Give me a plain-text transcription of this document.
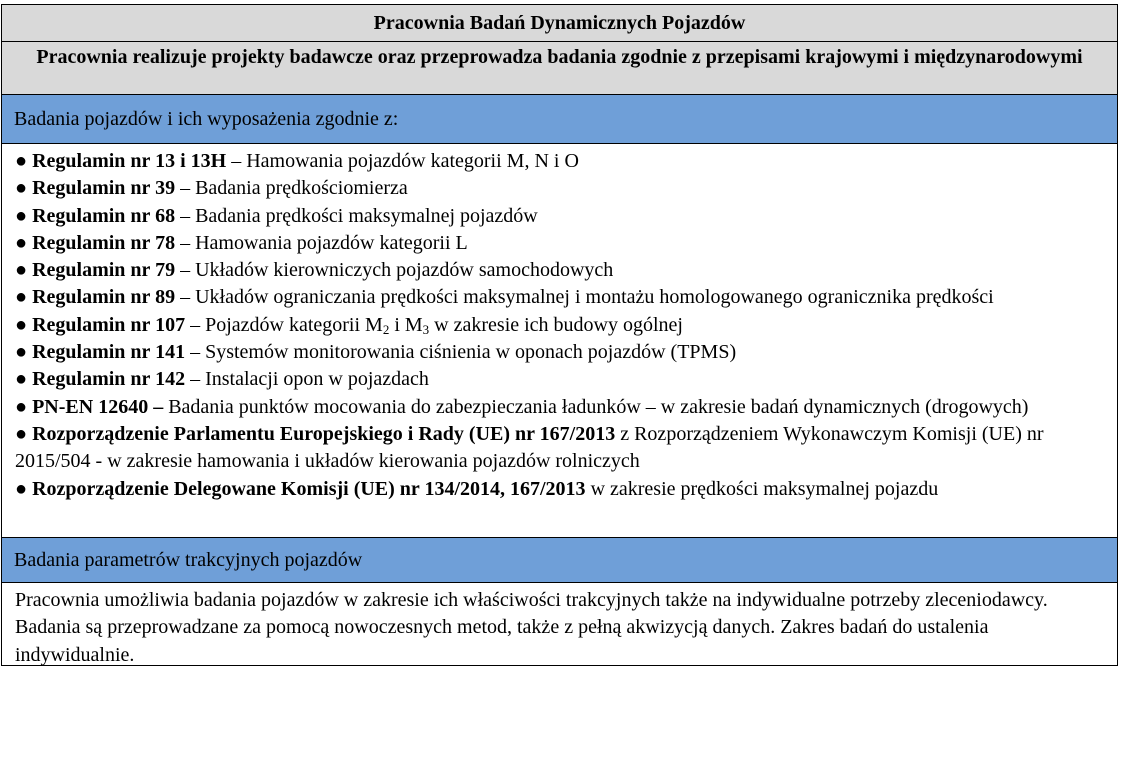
Pracownia Badań Dynamicznych Pojazdów
Pracownia realizuje projekty badawcze oraz przeprowadza badania zgodnie z przepisami krajowymi i międzynarodowymi
Badania pojazdów i ich wyposażenia zgodnie z:

● Regulamin nr 13 i 13H – Hamowania pojazdów kategorii M, N i O

● Regulamin nr 39 – Badania prędkościomierza

● Regulamin nr 68 – Badania prędkości maksymalnej pojazdów

● Regulamin nr 78 – Hamowania pojazdów kategorii L

● Regulamin nr 79 – Układów kierowniczych pojazdów samochodowych

● Regulamin nr 89 – Układów ograniczania prędkości maksymalnej i montażu homologowanego ogranicznika prędkości

● Regulamin nr 107 – Pojazdów kategorii $M_2$ i $M_3$ w zakresie ich budowy ogólnej

● Regulamin nr 141 – Systemów monitorowania ciśnienia w oponach pojazdów (TPMS)

● Regulamin nr 142 – Instalacji opon w pojazdach

● PN-EN 12640 – Badania punktów mocowania do zabezpieczania ładunków – w zakresie badań dynamicznych (drogowych)

● Rozporządzenie Parlamentu Europejskiego i Rady (UE) nr 167/2013 z Rozporządzeniem Wykonawczym Komisji (UE) nr 2015/504 - w zakresie hamowania i układów kierowania pojazdów rolniczych

● Rozporządzenie Delegowane Komisji (UE) nr 134/2014, 167/2013 w zakresie prędkości maksymalnej pojazdu

Badania parametrów trakcyjnych pojazdów
Pracownia umożliwia badania pojazdów w zakresie ich właściwości trakcyjnych także na indywidualne potrzeby zleceniodawcy. Badania są przeprowadzane za pomocą nowoczesnych metod, także z pełną akwizycją danych. Zakres badań do ustalenia indywidualnie.
